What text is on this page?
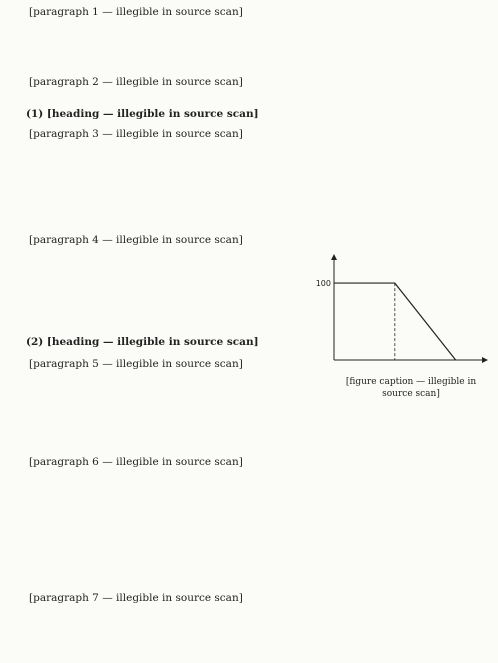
[paragraph 1 — illegible in source scan]

[paragraph 2 — illegible in source scan]

(1) [heading — illegible in source scan]

[paragraph 3 — illegible in source scan]

[paragraph 4 — illegible in source scan]

100
[figure caption — illegible in source scan]

(2) [heading — illegible in source scan]

[paragraph 5 — illegible in source scan]

[paragraph 6 — illegible in source scan]

[paragraph 7 — illegible in source scan]
